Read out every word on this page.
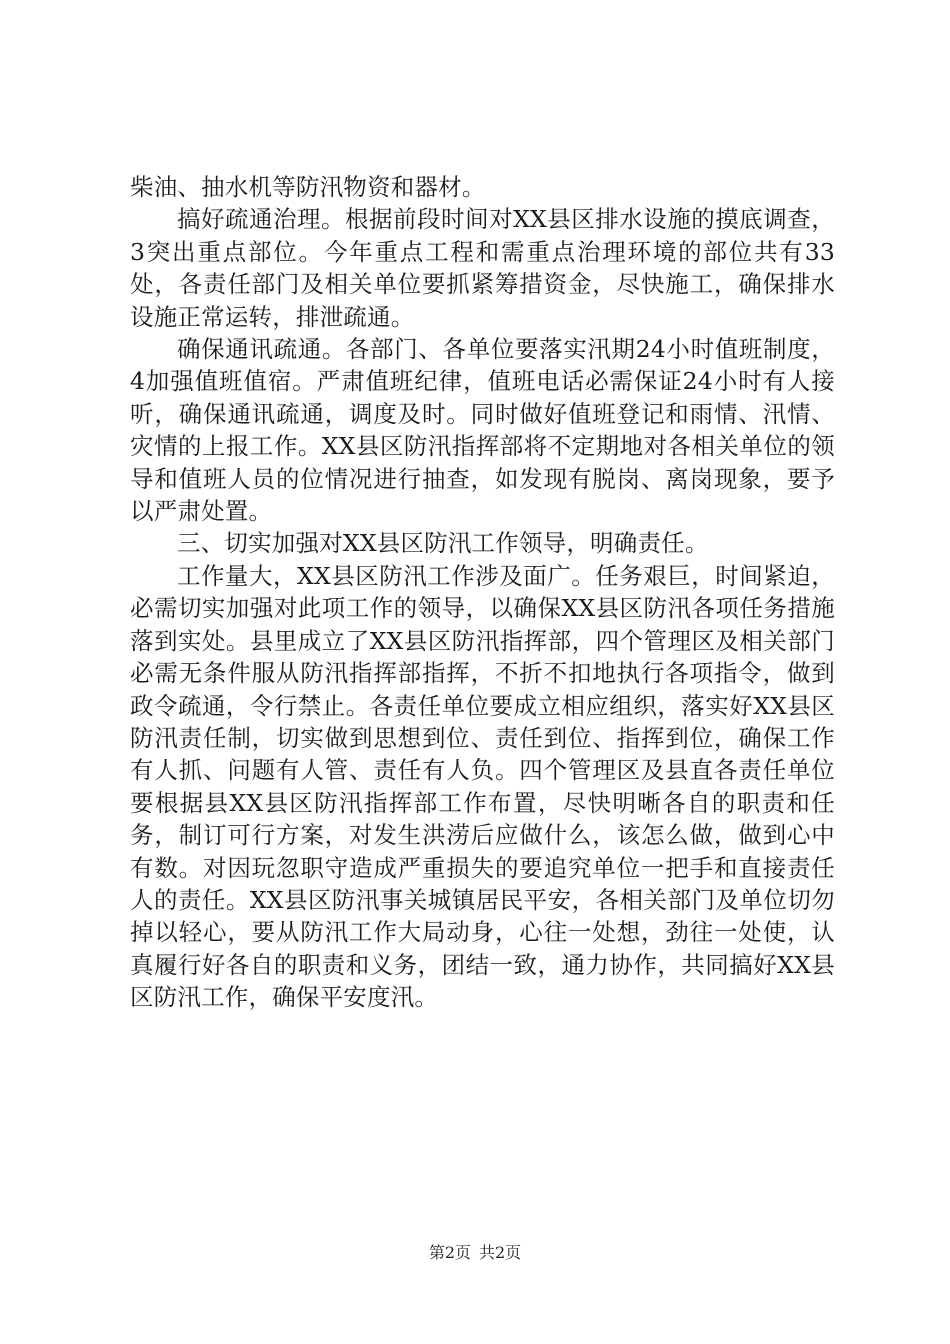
柴油、抽水机等防汛物资和器材。

搞好疏通治理。根据前段时间对XX县区排水设施的摸底调查，3突出重点部位。今年重点工程和需重点治理环境的部位共有33处，各责任部门及相关单位要抓紧筹措资金，尽快施工，确保排水设施正常运转，排泄疏通。

确保通讯疏通。各部门、各单位要落实汛期24小时值班制度，4加强值班值宿。严肃值班纪律，值班电话必需保证24小时有人接听，确保通讯疏通，调度及时。同时做好值班登记和雨情、汛情、灾情的上报工作。XX县区防汛指挥部将不定期地对各相关单位的领导和值班人员的位情况进行抽查，如发现有脱岗、离岗现象，要予以严肃处置。

三、切实加强对XX县区防汛工作领导，明确责任。

工作量大，XX县区防汛工作涉及面广。任务艰巨，时间紧迫，必需切实加强对此项工作的领导，以确保XX县区防汛各项任务措施落到实处。县里成立了XX县区防汛指挥部，四个管理区及相关部门必需无条件服从防汛指挥部指挥，不折不扣地执行各项指令，做到政令疏通，令行禁止。各责任单位要成立相应组织，落实好XX县区防汛责任制，切实做到思想到位、责任到位、指挥到位，确保工作有人抓、问题有人管、责任有人负。四个管理区及县直各责任单位要根据县XX县区防汛指挥部工作布置，尽快明晰各自的职责和任务，制订可行方案，对发生洪涝后应做什么，该怎么做，做到心中有数。对因玩忽职守造成严重损失的要追究单位一把手和直接责任人的责任。XX县区防汛事关城镇居民平安，各相关部门及单位切勿掉以轻心，要从防汛工作大局动身，心往一处想，劲往一处使，认真履行好各自的职责和义务，团结一致，通力协作，共同搞好XX县区防汛工作，确保平安度汛。

第2页 共2页
